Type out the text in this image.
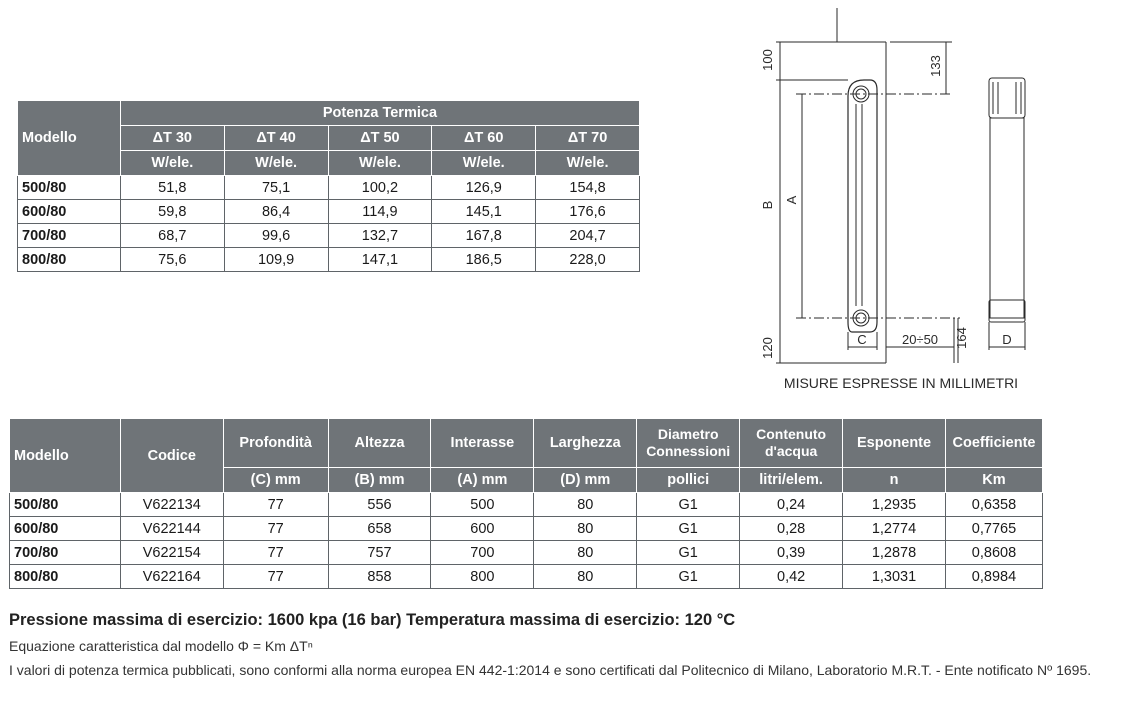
Modello	Potenza Termica				
	ΔT 30	ΔT 40	ΔT 50	ΔT 60	ΔT 70
	W/ele.	W/ele.	W/ele.	W/ele.	W/ele.
500/80	51,8	75,1	100,2	126,9	154,8
600/80	59,8	86,4	114,9	145,1	176,6
700/80	68,7	99,6	132,7	167,8	204,7
800/80	75,6	109,9	147,1	186,5	228,0
100	133
B
A
120	C	20÷50 164	D
MISURE ESPRESSE IN MILLIMETRI
Modello	Codice	Profondità	Altezza	Interasse	Larghezza	Diametro Connessioni	Contenuto d'acqua	Esponente	Coefficiente
		(C) mm	(B) mm	(A) mm	(D) mm	pollici	litri/elem.	n	Km
500/80	V622134	77	556	500	80	G1	0,24	1,2935	0,6358
600/80	V622144	77	658	600	80	G1	0,28	1,2774	0,7765
700/80	V622154	77	757	700	80	G1	0,39	1,2878	0,8608
800/80	V622164	77	858	800	80	G1	0,42	1,3031	0,8984
Pressione massima di esercizio: 1600 kpa (16 bar) Temperatura massima di esercizio: 120 °C
Equazione caratteristica dal modello Φ = Km ΔTⁿ
I valori di potenza termica pubblicati, sono conformi alla norma europea EN 442-1:2014 e sono certificati dal Politecnico di Milano, Laboratorio M.R.T. - Ente notificato Nº 1695.
